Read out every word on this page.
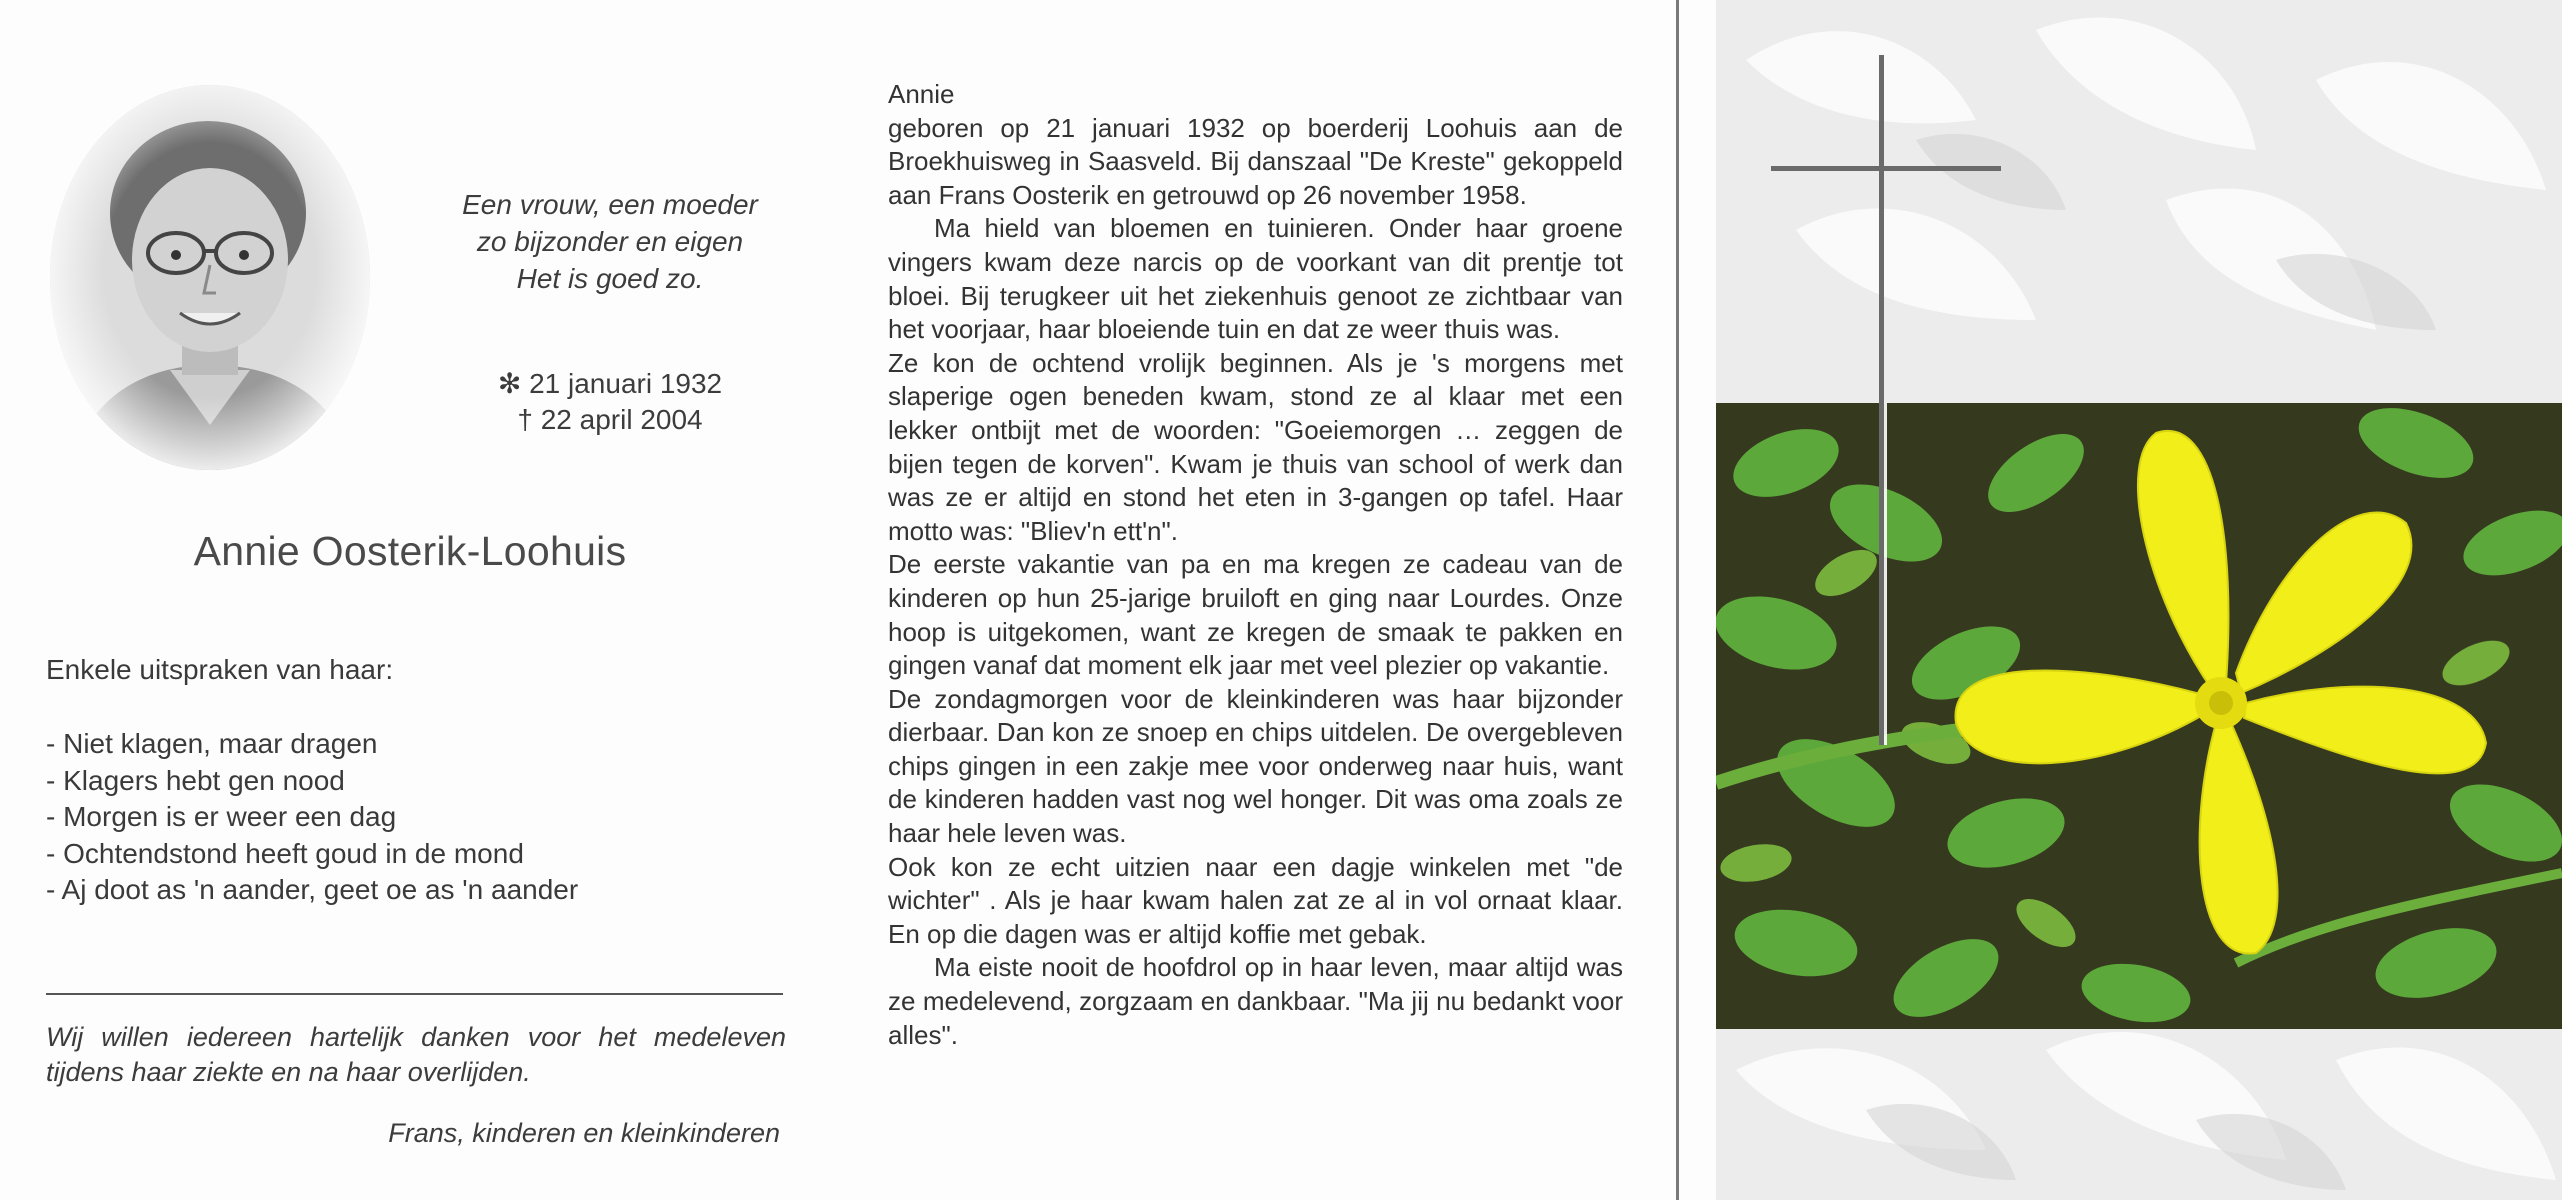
Een vrouw, een moeder
zo bijzonder en eigen
Het is goed zo.
✻ 21 januari 1932
† 22 april 2004
Annie Oosterik-Loohuis
Enkele uitspraken van haar:
- Niet klagen, maar dragen
- Klagers hebt gen nood
- Morgen is er weer een dag
- Ochtendstond heeft goud in de mond
- Aj doot as 'n aander, geet oe as 'n aander
Wij willen iedereen hartelijk danken voor het medeleven tijdens haar ziekte en na haar overlijden.
Frans, kinderen en kleinkinderen
Annie

geboren op 21 januari 1932 op boerderij Loohuis aan de Broekhuisweg in Saasveld. Bij danszaal "De Kreste" gekoppeld aan Frans Oosterik en getrouwd op 26 november 1958.

Ma hield van bloemen en tuinieren. Onder haar groene vingers kwam deze narcis op de voorkant van dit prentje tot bloei. Bij terugkeer uit het ziekenhuis genoot ze zichtbaar van het voorjaar, haar bloeiende tuin en dat ze weer thuis was.

Ze kon de ochtend vrolijk beginnen. Als je 's morgens met slaperige ogen beneden kwam, stond ze al klaar met een lekker ontbijt met de woorden: "Goeiemorgen … zeggen de bijen tegen de korven". Kwam je thuis van school of werk dan was ze er altijd en stond het eten in 3-gangen op tafel. Haar motto was: "Bliev'n ett'n".

De eerste vakantie van pa en ma kregen ze cadeau van de kinderen op hun 25-jarige bruiloft en ging naar Lourdes. Onze hoop is uitgekomen, want ze kregen de smaak te pakken en gingen vanaf dat moment elk jaar met veel plezier op vakantie.

De zondagmorgen voor de kleinkinderen was haar bijzonder dierbaar. Dan kon ze snoep en chips uitdelen. De overgebleven chips gingen in een zakje mee voor onderweg naar huis, want de kinderen hadden vast nog wel honger. Dit was oma zoals ze haar hele leven was.

Ook kon ze echt uitzien naar een dagje winkelen met "de wichter" . Als je haar kwam halen zat ze al in vol ornaat klaar. En op die dagen was er altijd koffie met gebak.

Ma eiste nooit de hoofdrol op in haar leven, maar altijd was ze medelevend, zorgzaam en dankbaar. "Ma jij nu bedankt voor alles".
